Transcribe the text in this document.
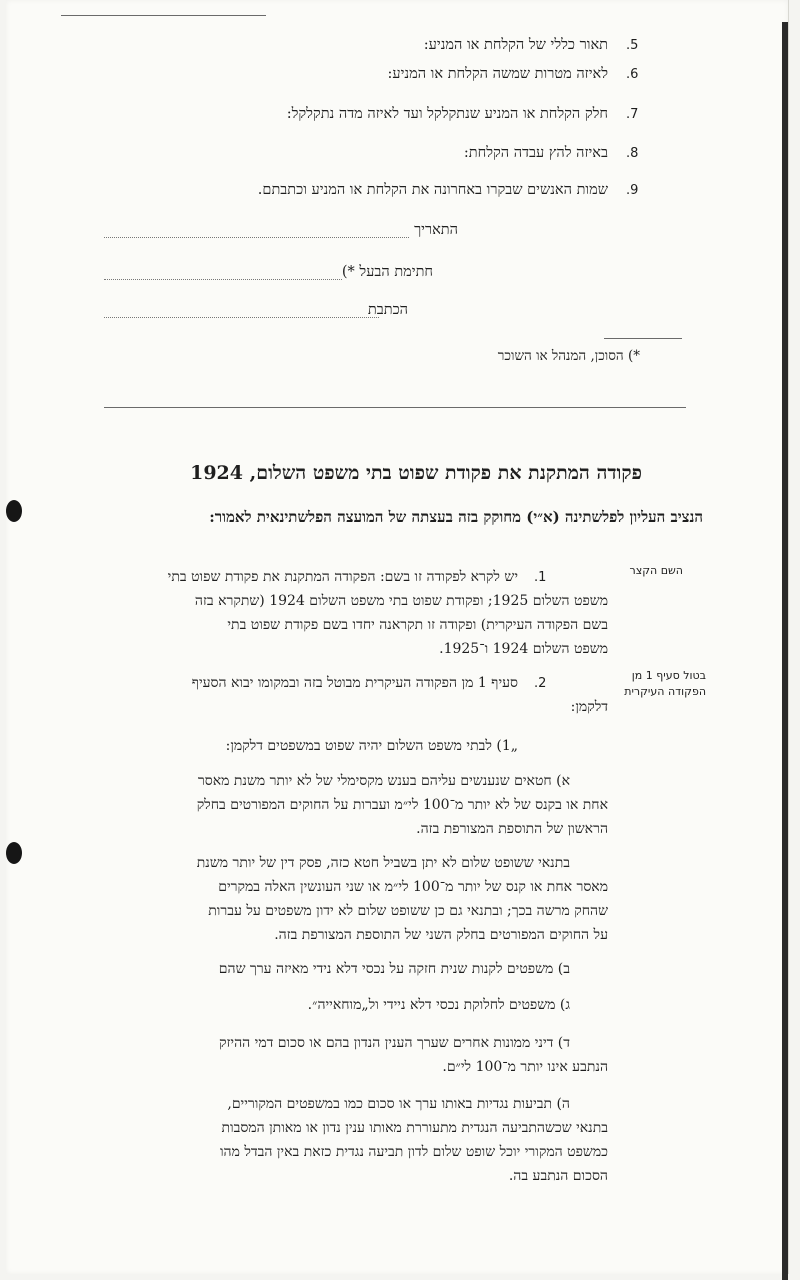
.5
תאור כללי של הקלחת או המניע:
.6
לאיזה מטרות שמשה הקלחת או המניע:
.7
חלק הקלחת או המניע שנתקלקל ועד לאיזה מדה נתקלקל:
.8
באיזה להץ עבדה הקלחת:
.9
שמות האנשים שבקרו באחרונה את הקלחת או המניע וכתבתם.
התאריך
חתימת הבעל *)
הכתבת
*) הסוכן, המנהל או השוכר
פקודה המתקנת את פקודת שפוט בתי משפט השלום, 1924
הנציב העליון לפלשתינה (א״י) מחוקק בזה בעצתה של המועצה הפלשתינאית לאמור:
השם הקצר
בטול סעיף 1 מן
הפקודה העיקרית
.1
יש לקרא לפקודה זו בשם: הפקודה המתקנת את פקודת שפוט בתי
משפט השלום 1925; ופקודת שפוט בתי משפט השלום 1924 (שתקרא בזה
בשם הפקודה העיקרית) ופקודה זו תקראנה יחדו בשם פקודת שפוט בתי
משפט השלום 1924 ו־1925.
.2
סעיף 1 מן הפקודה העיקרית מבוטל בזה ובמקומו יבוא הסעיף
דלקמן:
„1) לבתי משפט השלום יהיה שפוט במשפטים דלקמן:
א) חטאים שנענשים עליהם בענש מקסימלי של לא יותר משנת מאסר
אחת או בקנס של לא יותר מ־100 לי״מ ועברות על החוקים המפורטים בחלק
הראשון של התוספת המצורפת בזה.
בתנאי ששופט שלום לא יתן בשביל חטא כזה, פסק דין של יותר משנת
מאסר אחת או קנס של יותר מ־100 לי״מ או שני העונשין האלה במקרים
שהחק מרשה בכך; ובתנאי גם כן ששופט שלום לא ידון משפטים על עברות
על החוקים המפורטים בחלק השני של התוספת המצורפת בזה.
ב) משפטים לקנות שנית חזקה על נכסי דלא נידי מאיזה ערך שהם
ג) משפטים לחלוקת נכסי דלא ניידי ול„מוחאייה״.
ד) דיני ממונות אחרים שערך הענין הנדון בהם או סכום דמי ההיזק
הנתבע אינו יותר מ־100 לי״ם.
ה) תביעות נגדיות באותו ערך או סכום כמו במשפטים המקוריים,
בתנאי שכשהתביעה הנגדית מתעוררת מאותו ענין נדון או מאותן המסבות
כמשפט המקורי יוכל שופט שלום לדון תביעה נגדית כזאת באין הבדל מהו
הסכום הנתבע בה.
